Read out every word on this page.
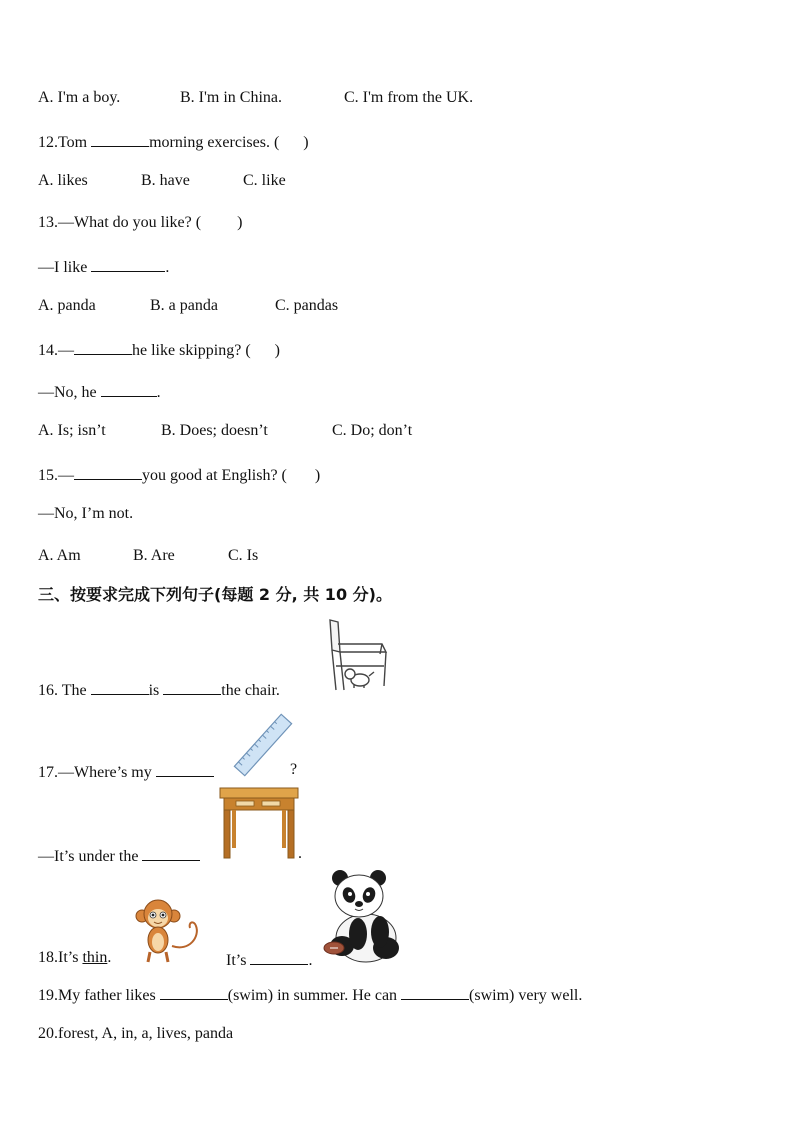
A. I'm a boy.	B. I'm in China.	C. I'm from the UK.
12.Tom	morning exercises. (      )
A. likes	B. have	C. like
13.—What do you like? (         )
—I like	.
A. panda	B. a panda	C. pandas
14.—	he like skipping? (      )
—No, he	.
A. Is; isn’t	B. Does; doesn’t	C. Do; don’t
15.—	you good at English? (       )
—No, I’m not.
A. Am	B. Are	C. Is
三、按要求完成下列句子(每题 2 分, 共 10 分)。
16. The	is	the chair.
17.—Where’s my	?
—It’s under the	.
18.It’s thin.	It’s	.
19.My father likes	(swim) in summer. He can	(swim) very well.
20.forest, A, in, a, lives, panda
